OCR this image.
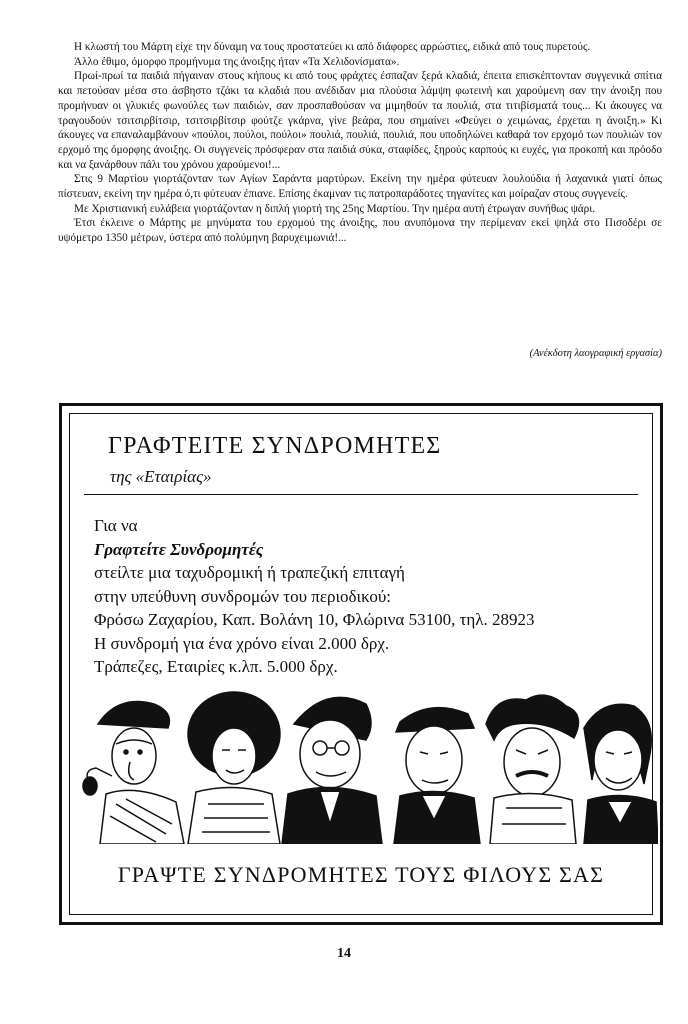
Η κλωστή του Μάρτη είχε την δύναμη να τους προστατεύει κι από διάφορες αρρώστιες, ειδικά από τους πυρετούς.

Άλλο έθιμο, όμορφο προμήνυμα της άνοιξης ήταν «Τα Χελιδονίσματα».

Πρωί-πρωί τα παιδιά πήγαιναν στους κήπους κι από τους φράχτες έσπαζαν ξερά κλαδιά, έπειτα επισκέπτονταν συγγενικά σπίτια και πετούσαν μέσα στο άσβηστο τζάκι τα κλαδιά που ανέδιδαν μια πλούσια λάμψη φωτεινή και χαρούμενη σαν την άνοιξη που προμήνυαν οι γλυκιές φωνούλες των παιδιών, σαν προσπαθούσαν να μιμηθούν τα πουλιά, στα τιτιβίσματά τους... Κι άκουγες να τραγουδούν τσιτσιρβίτσιρ, τσιτσιρβίτσιρ φούτζε γκάρνα, γίνε βεάρα, που σημαίνει «Φεύγει ο χειμώνας, έρχεται η άνοιξη.» Κι άκουγες να επαναλαμβάνουν «πούλοι, πούλοι, πούλοι» πουλιά, πουλιά, πουλιά, που υποδηλώνει καθαρά τον ερχομό των πουλιών τον ερχομό της όμορφης άνοιξης. Οι συγγενείς πρόσφεραν στα παιδιά σύκα, σταφίδες, ξηρούς καρπούς κι ευχές, για προκοπή και πρόοδο και να ξανάρθουν πάλι του χρόνου χαρούμενοι!...

Στις 9 Μαρτίου γιορτάζονταν των Αγίων Σαράντα μαρτύρων. Εκείνη την ημέρα φύτευαν λουλούδια ή λαχανικά γιατί όπως πίστευαν, εκείνη την ημέρα ό,τι φύτευαν έπιανε. Επίσης έκαμναν τις πατροπαράδοτες τηγανίτες και μοίραζαν στους συγγενείς.

Με Χριστιανική ευλάβεια γιορτάζονταν η διπλή γιορτή της 25ης Μαρτίου. Την ημέρα αυτή έτρωγαν συνήθως ψάρι.

Έτσι έκλεινε ο Μάρτης με μηνύματα του ερχομού της άνοιξης, που ανυπόμονα την περίμεναν εκεί ψηλά στο Πισοδέρι σε υψόμετρο 1350 μέτρων, ύστερα από πολύμηνη βαρυχειμωνιά!...

(Ανέκδοτη λαογραφική εργασία)
ΓΡΑΦΤΕΙΤΕ ΣΥΝΔΡΟΜΗΤΕΣ
της «Εταιρίας»
Για να
Γραφτείτε Συνδρομητές
στείλτε μια ταχυδρομική ή τραπεζική επιταγή
στην υπεύθυνη συνδρομών του περιοδικού:
Φρόσω Ζαχαρίου, Καπ. Βολάνη 10, Φλώρινα 53100, τηλ. 28923
Η συνδρομή για ένα χρόνο είναι 2.000 δρχ.
Τράπεζες, Εταιρίες κ.λπ. 5.000 δρχ.
ΓΡΑΨΤΕ ΣΥΝΔΡΟΜΗΤΕΣ ΤΟΥΣ ΦΙΛΟΥΣ ΣΑΣ
14
